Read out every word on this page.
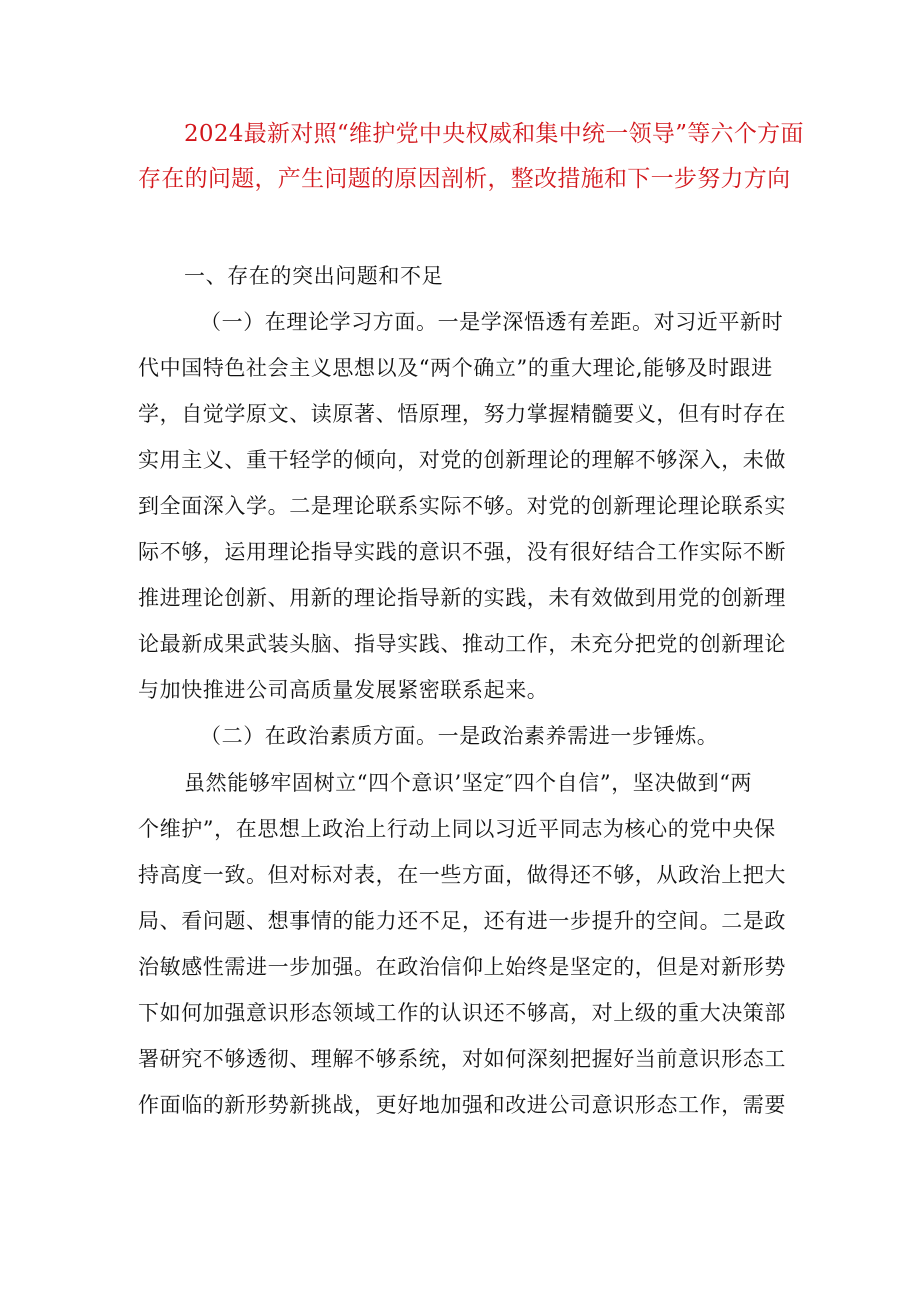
2024最新对照“维护党中央权威和集中统一领导”等六个方面
存在的问题，产生问题的原因剖析，整改措施和下一步努力方向
一、存在的突出问题和不足
（一）在理论学习方面。一是学深悟透有差距。对习近平新时
代中国特色社会主义思想以及“两个确立”的重大理论,能够及时跟进
学，自觉学原文、读原著、悟原理，努力掌握精髓要义，但有时存在
实用主义、重干轻学的倾向，对党的创新理论的理解不够深入，未做
到全面深入学。二是理论联系实际不够。对党的创新理论理论联系实
际不够，运用理论指导实践的意识不强，没有很好结合工作实际不断
推进理论创新、用新的理论指导新的实践，未有效做到用党的创新理
论最新成果武装头脑、指导实践、推动工作，未充分把党的创新理论
与加快推进公司高质量发展紧密联系起来。
（二）在政治素质方面。一是政治素养需进一步锤炼。
虽然能够牢固树立“四个意识’坚定″四个自信”，坚决做到“两
个维护”，在思想上政治上行动上同以习近平同志为核心的党中央保
持高度一致。但对标对表，在一些方面，做得还不够，从政治上把大
局、看问题、想事情的能力还不足，还有进一步提升的空间。二是政
治敏感性需进一步加强。在政治信仰上始终是坚定的，但是对新形势
下如何加强意识形态领域工作的认识还不够高，对上级的重大决策部
署研究不够透彻、理解不够系统，对如何深刻把握好当前意识形态工
作面临的新形势新挑战，更好地加强和改进公司意识形态工作，需要
